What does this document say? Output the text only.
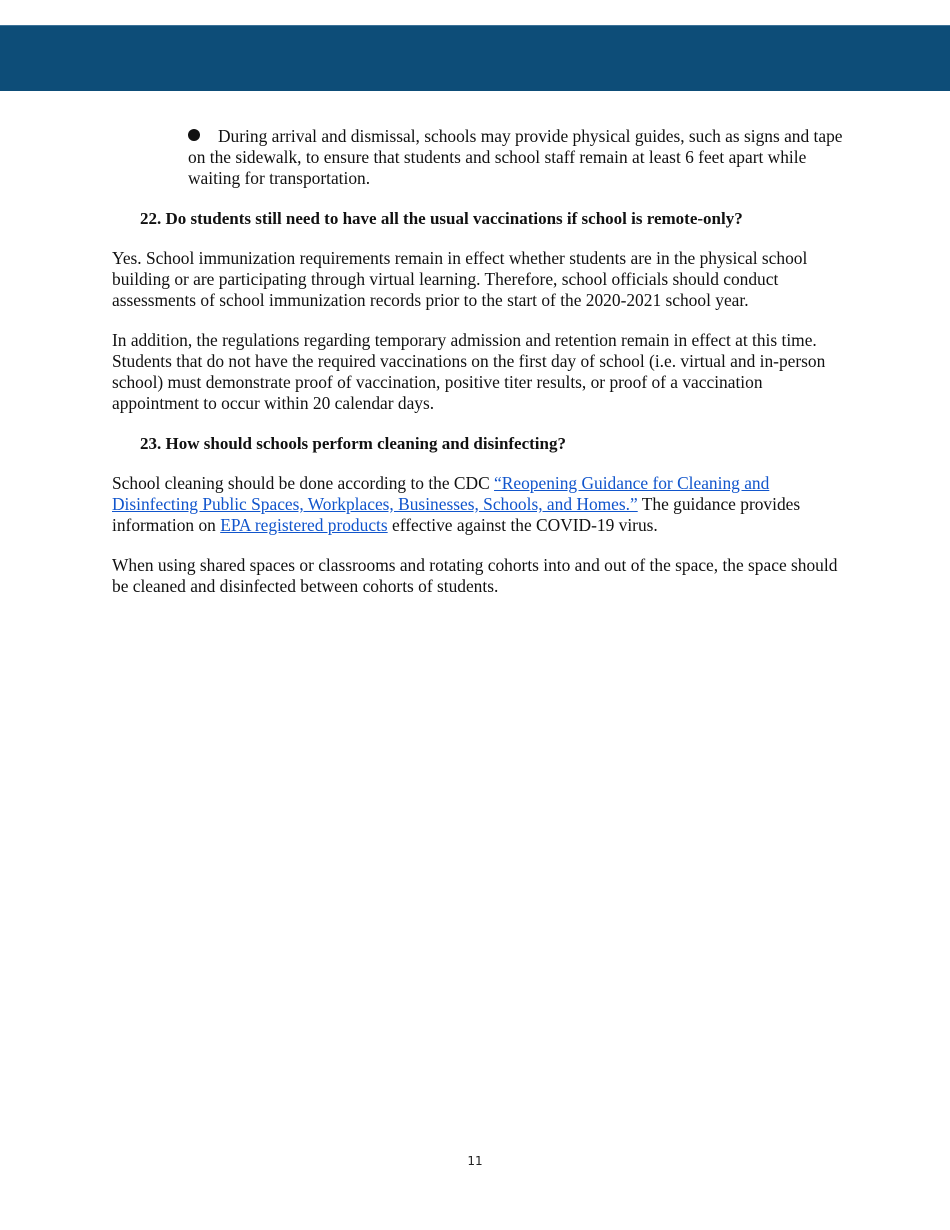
During arrival and dismissal, schools may provide physical guides, such as signs and tape on the sidewalk, to ensure that students and school staff remain at least 6 feet apart while waiting for transportation.
22. Do students still need to have all the usual vaccinations if school is remote-only?

Yes. School immunization requirements remain in effect whether students are in the physical school building or are participating through virtual learning. Therefore, school officials should conduct assessments of school immunization records prior to the start of the 2020-2021 school year.

In addition, the regulations regarding temporary admission and retention remain in effect at this time. Students that do not have the required vaccinations on the first day of school (i.e. virtual and in-person school) must demonstrate proof of vaccination, positive titer results, or proof of a vaccination appointment to occur within 20 calendar days.

23. How should schools perform cleaning and disinfecting?

School cleaning should be done according to the CDC “Reopening Guidance for Cleaning and Disinfecting Public Spaces, Workplaces, Businesses, Schools, and Homes.” The guidance provides information on EPA registered products effective against the COVID-19 virus.

When using shared spaces or classrooms and rotating cohorts into and out of the space, the space should be cleaned and disinfected between cohorts of students.

11
